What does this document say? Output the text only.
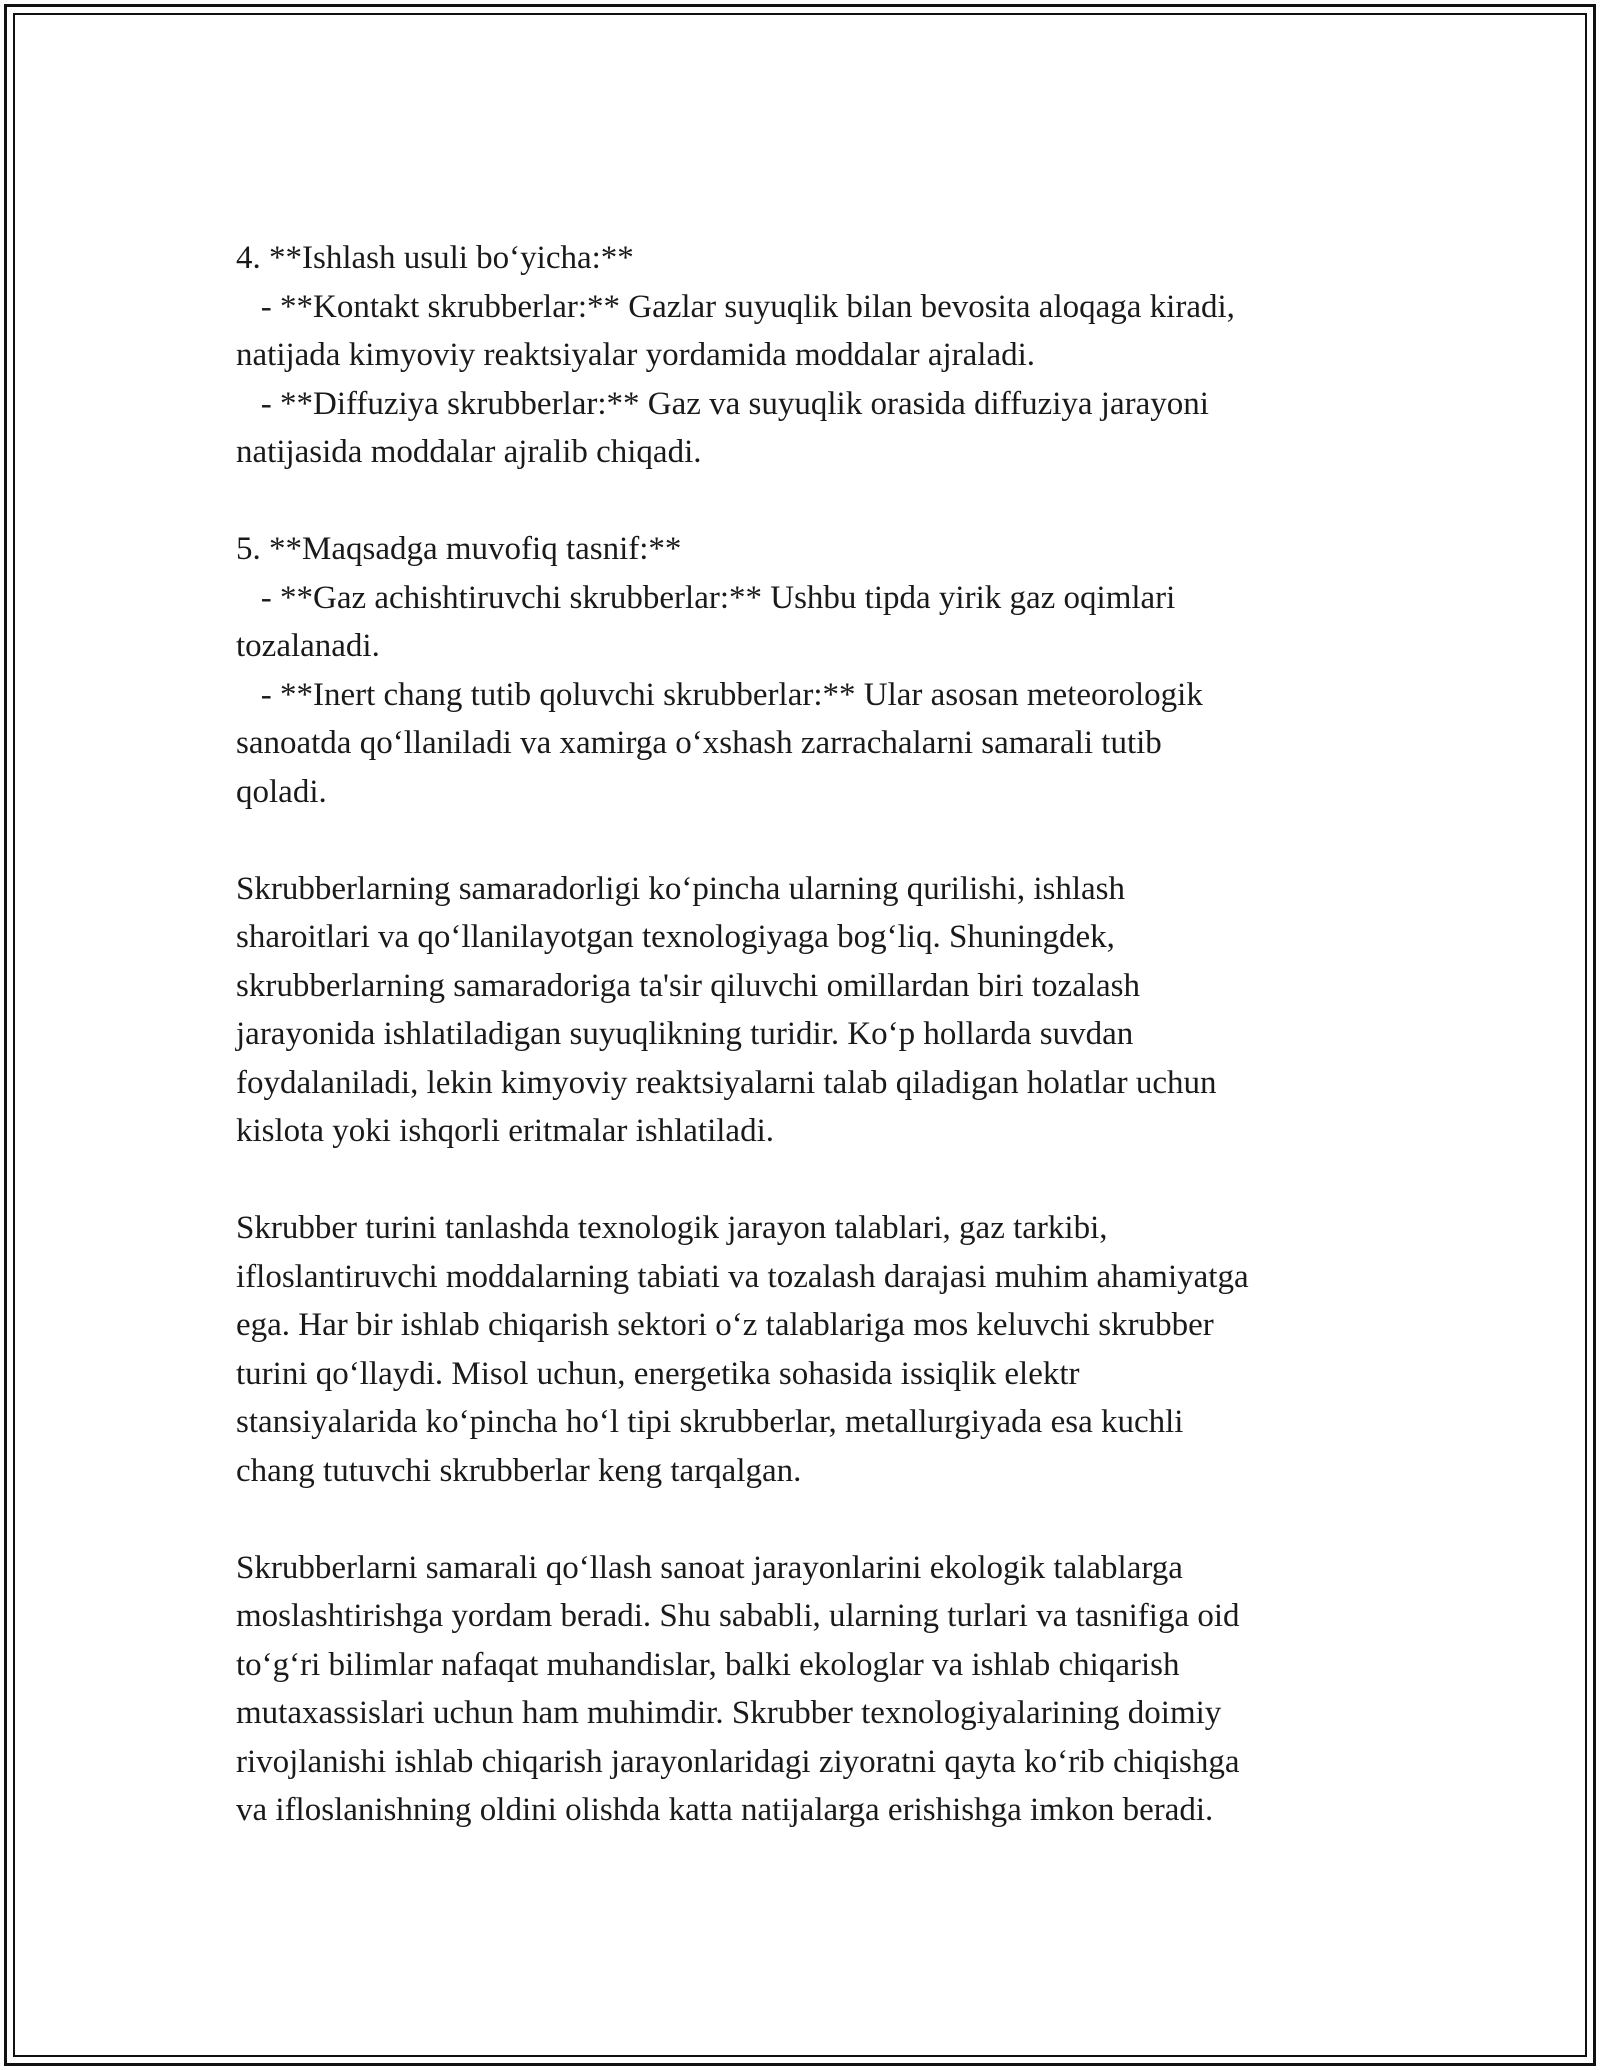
4. **Ishlash usuli bo‘yicha:**

- **Kontakt skrubberlar:** Gazlar suyuqlik bilan bevosita aloqaga kiradi,

natijada kimyoviy reaktsiyalar yordamida moddalar ajraladi.

- **Diffuziya skrubberlar:** Gaz va suyuqlik orasida diffuziya jarayoni

natijasida moddalar ajralib chiqadi.

5. **Maqsadga muvofiq tasnif:**

- **Gaz achishtiruvchi skrubberlar:** Ushbu tipda yirik gaz oqimlari

tozalanadi.

- **Inert chang tutib qoluvchi skrubberlar:** Ular asosan meteorologik

sanoatda qo‘llaniladi va xamirga o‘xshash zarrachalarni samarali tutib

qoladi.

Skrubberlarning samaradorligi ko‘pincha ularning qurilishi, ishlash

sharoitlari va qo‘llanilayotgan texnologiyaga bog‘liq. Shuningdek,

skrubberlarning samaradoriga ta'sir qiluvchi omillardan biri tozalash

jarayonida ishlatiladigan suyuqlikning turidir. Ko‘p hollarda suvdan

foydalaniladi, lekin kimyoviy reaktsiyalarni talab qiladigan holatlar uchun

kislota yoki ishqorli eritmalar ishlatiladi.

Skrubber turini tanlashda texnologik jarayon talablari, gaz tarkibi,

ifloslantiruvchi moddalarning tabiati va tozalash darajasi muhim ahamiyatga

ega. Har bir ishlab chiqarish sektori o‘z talablariga mos keluvchi skrubber

turini qo‘llaydi. Misol uchun, energetika sohasida issiqlik elektr

stansiyalarida ko‘pincha ho‘l tipi skrubberlar, metallurgiyada esa kuchli

chang tutuvchi skrubberlar keng tarqalgan.

Skrubberlarni samarali qo‘llash sanoat jarayonlarini ekologik talablarga

moslashtirishga yordam beradi. Shu sababli, ularning turlari va tasnifiga oid

to‘g‘ri bilimlar nafaqat muhandislar, balki ekologlar va ishlab chiqarish

mutaxassislari uchun ham muhimdir. Skrubber texnologiyalarining doimiy

rivojlanishi ishlab chiqarish jarayonlaridagi ziyoratni qayta ko‘rib chiqishga

va ifloslanishning oldini olishda katta natijalarga erishishga imkon beradi.
